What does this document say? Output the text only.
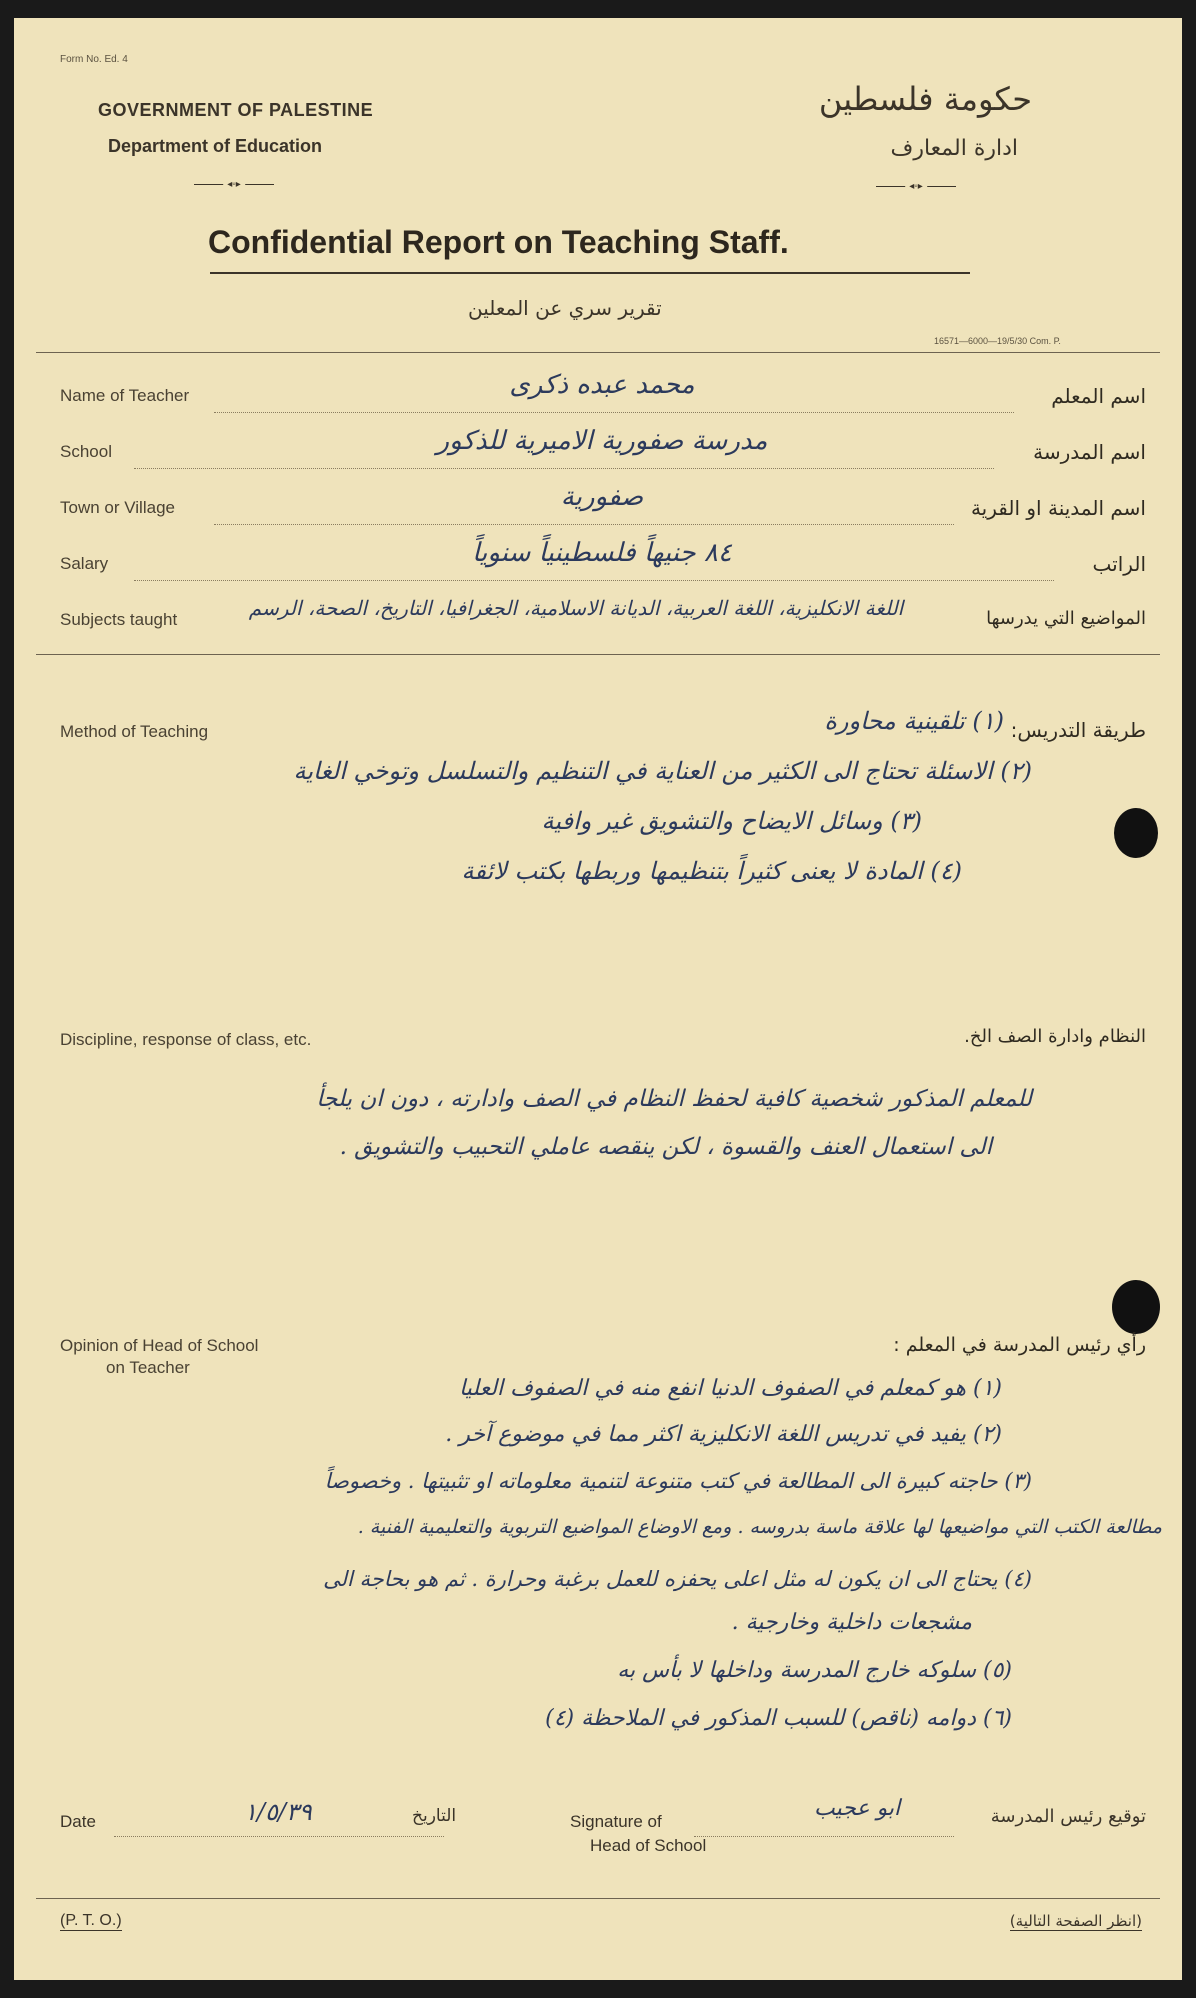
Form No. Ed. 4
GOVERNMENT OF PALESTINE
Department of Education
◂◦▸
حكومة فلسطين
ادارة المعارف
◂◦▸
Confidential Report on Teaching Staff.
تقرير سري عن المعلين
16571—6000—19/5/30 Com. P.
Name of Teacher	محمد عبده ذكرى	اسم المعلم
School	مدرسة صفورية الاميرية للذكور	اسم المدرسة
Town or Village	صفورية	اسم المدينة او القرية
Salary	٨٤ جنيهاً فلسطينياً سنوياً	الراتب
Subjects taught	اللغة الانكليزية، اللغة العربية، الديانة الاسلامية، الجغرافيا، التاريخ، الصحة، الرسم	المواضيع التي يدرسها
Method of Teaching	طريقة التدريس:
(١) تلقينية محاورة
(٢) الاسئلة تحتاج الى الكثير من العناية في التنظيم والتسلسل وتوخي الغاية
(٣) وسائل الايضاح والتشويق غير وافية
(٤) المادة لا يعنى كثيراً بتنظيمها وربطها بكتب لائقة
Discipline, response of class, etc.	النظام وادارة الصف الخ.
للمعلم المذكور شخصية كافية لحفظ النظام في الصف وادارته ، دون ان يلجأ
الى استعمال العنف والقسوة ، لكن ينقصه عاملي التحبيب والتشويق .
Opinion of Head of School
on Teacher
رأي رئيس المدرسة في المعلم :
(١) هو كمعلم في الصفوف الدنيا انفع منه في الصفوف العليا
(٢) يفيد في تدريس اللغة الانكليزية اكثر مما في موضوع آخر .
(٣) حاجته كبيرة الى المطالعة في كتب متنوعة لتنمية معلوماته او تثبيتها . وخصوصاً
مطالعة الكتب التي مواضيعها لها علاقة ماسة بدروسه . ومع الاوضاع المواضيع التربوية والتعليمية الفنية .
(٤) يحتاج الى ان يكون له مثل اعلى يحفزه للعمل برغبة وحرارة . ثم هو بحاجة الى
مشجعات داخلية وخارجية .
(٥) سلوكه خارج المدرسة وداخلها لا بأس به
(٦) دوامه (ناقص) للسبب المذكور في الملاحظة (٤)
Date	١/٥/٣٩	التاريخ	Signature of
Head of School
ابو عجيب	توقيع رئيس المدرسة
(P. T. O.)	(انظر الصفحة التالية)
